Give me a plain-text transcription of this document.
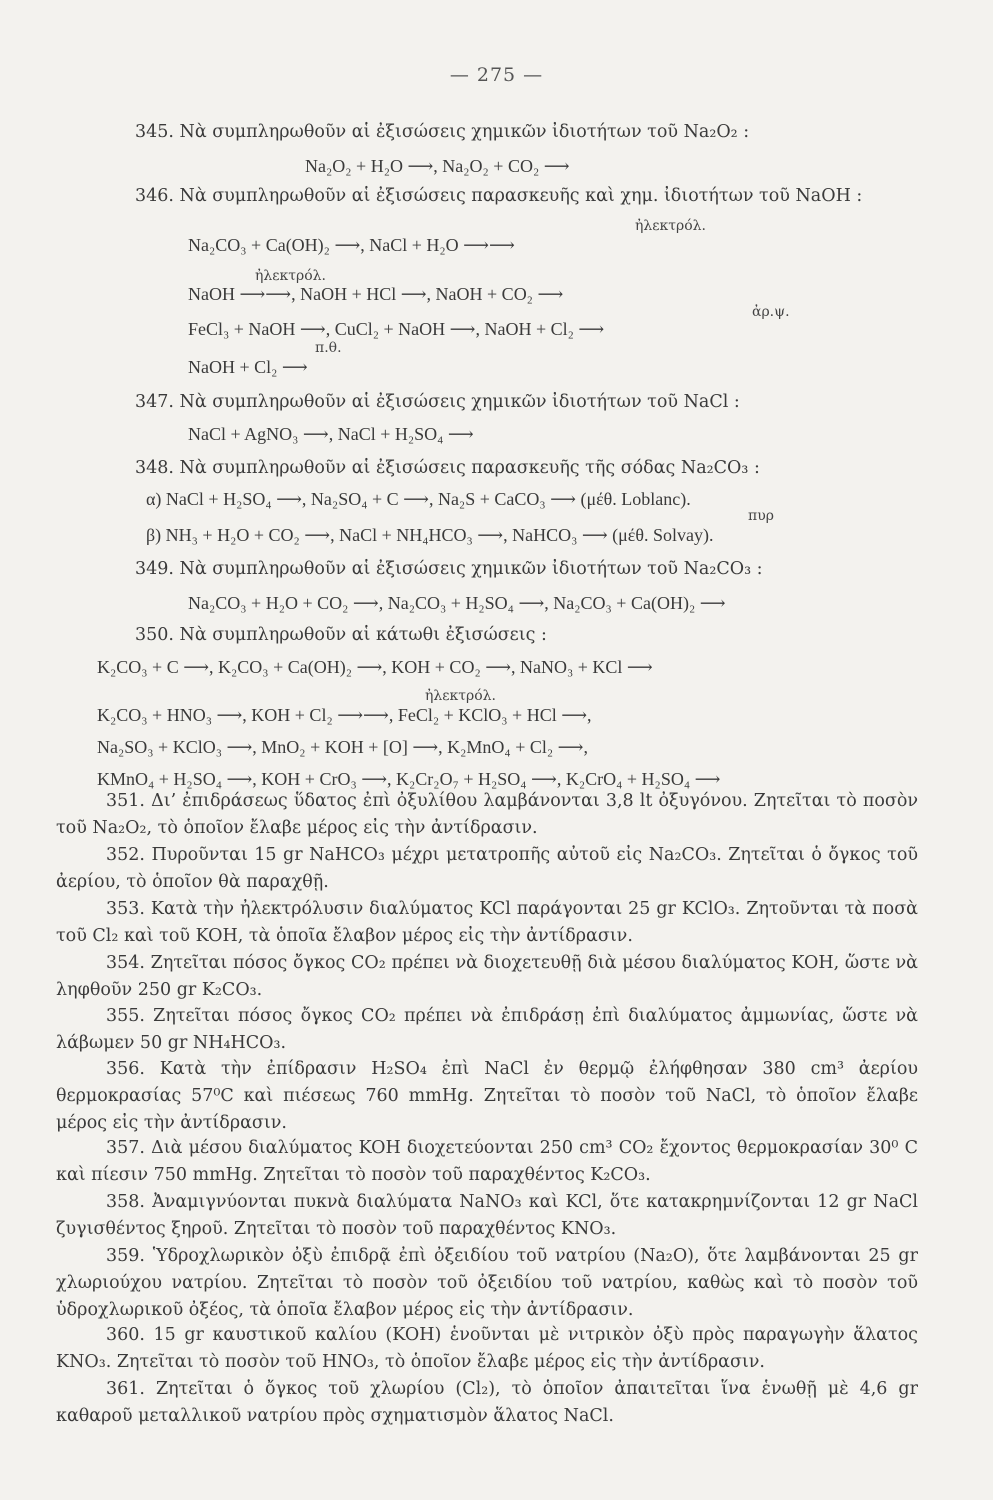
— 275 —
345. Νὰ συμπληρωθοῦν αἱ ἐξισώσεις χημικῶν ἰδιοτήτων τοῦ Na₂O₂ :
Na₂O₂ + H₂O ⟶, Na₂O₂ + CO₂ ⟶
346. Νὰ συμπληρωθοῦν αἱ ἐξισώσεις παρασκευῆς καὶ χημ. ἰδιοτήτων τοῦ NaOH :
ἠλεκτρόλ.
Na₂CO₃ + Ca(OH)₂ ⟶, NaCl + H₂O ⟶⟶
ἠλεκτρόλ.
NaOH ⟶⟶, NaOH + HCl ⟶, NaOH + CO₂ ⟶
ἀρ.ψ.
FeCl₃ + NaOH ⟶, CuCl₂ + NaOH ⟶, NaOH + Cl₂ ⟶
π.θ.
NaOH + Cl₂ ⟶
347. Νὰ συμπληρωθοῦν αἱ ἐξισώσεις χημικῶν ἰδιοτήτων τοῦ NaCl :
NaCl + AgNO₃ ⟶, NaCl + H₂SO₄ ⟶
348. Νὰ συμπληρωθοῦν αἱ ἐξισώσεις παρασκευῆς τῆς σόδας Na₂CO₃ :
α) NaCl + H₂SO₄ ⟶, Na₂SO₄ + C ⟶, Na₂S + CaCO₃ ⟶ (μέθ. Loblanc).
πυρ
β) NH₃ + H₂O + CO₂ ⟶, NaCl + NH₄HCO₃ ⟶, NaHCO₃ ⟶ (μέθ. Solvay).
349. Νὰ συμπληρωθοῦν αἱ ἐξισώσεις χημικῶν ἰδιοτήτων τοῦ Na₂CO₃ :
Na₂CO₃ + H₂O + CO₂ ⟶, Na₂CO₃ + H₂SO₄ ⟶, Na₂CO₃ + Ca(OH)₂ ⟶
350. Νὰ συμπληρωθοῦν αἱ κάτωθι ἐξισώσεις :
K₂CO₃ + C ⟶, K₂CO₃ + Ca(OH)₂ ⟶, KOH + CO₂ ⟶, NaNO₃ + KCl ⟶
ἠλεκτρόλ.
K₂CO₃ + HNO₃ ⟶, KOH + Cl₂ ⟶⟶, FeCl₂ + KClO₃ + HCl ⟶,
Na₂SO₃ + KClO₃ ⟶, MnO₂ + KOH + [O] ⟶, K₂MnO₄ + Cl₂ ⟶,
KMnO₄ + H₂SO₄ ⟶, KOH + CrO₃ ⟶, K₂Cr₂O₇ + H₂SO₄ ⟶, K₂CrO₄ + H₂SO₄ ⟶
351. Δι’ ἐπιδράσεως ὕδατος ἐπὶ ὀξυλίθου λαμβάνονται 3,8 lt ὀξυγόνου. Ζητεῖται τὸ ποσὸν τοῦ Na₂O₂, τὸ ὁποῖον ἔλαβε μέρος εἰς τὴν ἀντίδρασιν.
352. Πυροῦνται 15 gr NaHCO₃ μέχρι μετατροπῆς αὐτοῦ εἰς Na₂CO₃. Ζητεῖται ὁ ὄγκος τοῦ ἀερίου, τὸ ὁποῖον θὰ παραχθῇ.
353. Κατὰ τὴν ἠλεκτρόλυσιν διαλύματος KCl παράγονται 25 gr KClO₃. Ζητοῦνται τὰ ποσὰ τοῦ Cl₂ καὶ τοῦ KOH, τὰ ὁποῖα ἔλαβον μέρος εἰς τὴν ἀντίδρασιν.
354. Ζητεῖται πόσος ὄγκος CO₂ πρέπει νὰ διοχετευθῇ διὰ μέσου διαλύματος KOH, ὥστε νὰ ληφθοῦν 250 gr K₂CO₃.
355. Ζητεῖται πόσος ὄγκος CO₂ πρέπει νὰ ἐπιδράσῃ ἐπὶ διαλύματος ἀμμωνίας, ὥστε νὰ λάβωμεν 50 gr NH₄HCO₃.
356. Κατὰ τὴν ἐπίδρασιν H₂SO₄ ἐπὶ NaCl ἐν θερμῷ ἐλήφθησαν 380 cm³ ἀερίου θερμοκρασίας 57⁰C καὶ πιέσεως 760 mmHg. Ζητεῖται τὸ ποσὸν τοῦ NaCl, τὸ ὁποῖον ἔλαβε μέρος εἰς τὴν ἀντίδρασιν.
357. Διὰ μέσου διαλύματος KOH διοχετεύονται 250 cm³ CO₂ ἔχοντος θερμοκρασίαν 30⁰ C καὶ πίεσιν 750 mmHg. Ζητεῖται τὸ ποσὸν τοῦ παραχθέντος K₂CO₃.
358. Ἀναμιγνύονται πυκνὰ διαλύματα NaNO₃ καὶ KCl, ὅτε κατακρημνίζονται 12 gr NaCl ζυγισθέντος ξηροῦ. Ζητεῖται τὸ ποσὸν τοῦ παραχθέντος KNO₃.
359. Ὑδροχλωρικὸν ὀξὺ ἐπιδρᾷ ἐπὶ ὀξειδίου τοῦ νατρίου (Na₂O), ὅτε λαμβάνονται 25 gr χλωριούχου νατρίου. Ζητεῖται τὸ ποσὸν τοῦ ὀξειδίου τοῦ νατρίου, καθὼς καὶ τὸ ποσὸν τοῦ ὑδροχλωρικοῦ ὀξέος, τὰ ὁποῖα ἔλαβον μέρος εἰς τὴν ἀντίδρασιν.
360. 15 gr καυστικοῦ καλίου (KOH) ἑνοῦνται μὲ νιτρικὸν ὀξὺ πρὸς παραγωγὴν ἅλατος KNO₃. Ζητεῖται τὸ ποσὸν τοῦ HNO₃, τὸ ὁποῖον ἔλαβε μέρος εἰς τὴν ἀντίδρασιν.
361. Ζητεῖται ὁ ὄγκος τοῦ χλωρίου (Cl₂), τὸ ὁποῖον ἀπαιτεῖται ἵνα ἑνωθῇ μὲ 4,6 gr καθαροῦ μεταλλικοῦ νατρίου πρὸς σχηματισμὸν ἅλατος NaCl.
